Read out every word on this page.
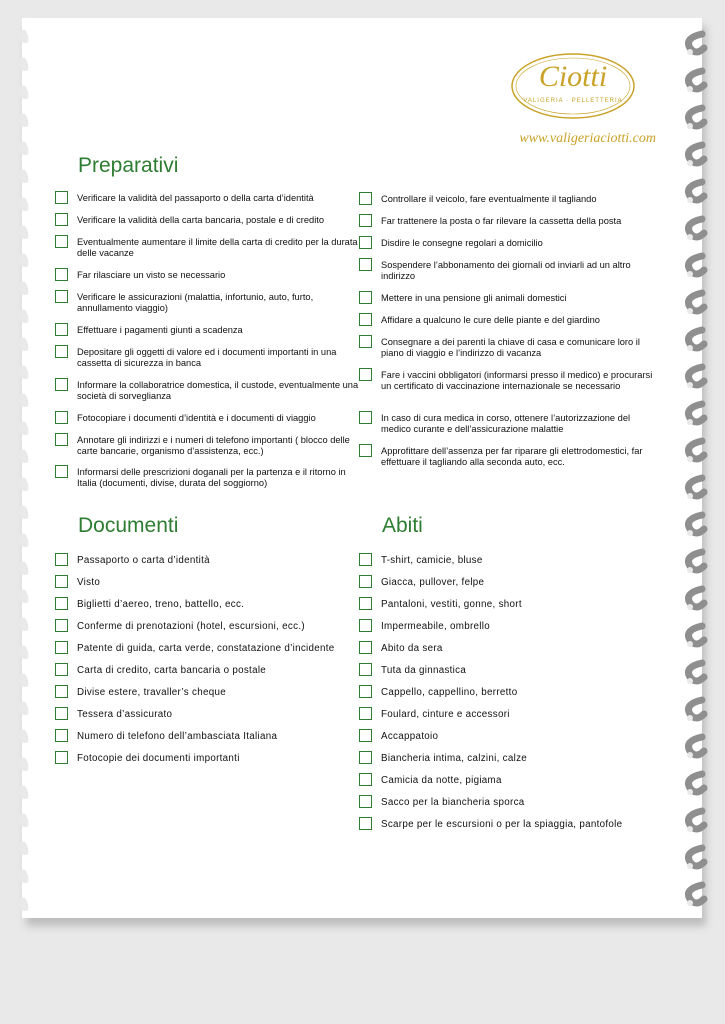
Ciotti
VALIGERIA · PELLETTERIA
www.valigeriaciotti.com
Preparativi
Verificare la validità del passaporto o della carta d’identità
Verificare la validità della carta bancaria, postale e di credito
Eventualmente aumentare il limite della carta di credito per la durata delle vacanze
Far rilasciare un visto se necessario
Verificare le assicurazioni (malattia, infortunio, auto, furto, annullamento viaggio)
Effettuare i pagamenti giunti a scadenza
Depositare gli oggetti di valore ed i documenti importanti in una cassetta di sicurezza in banca
Informare la collaboratrice domestica, il custode, eventualmente una società di sorveglianza
Fotocopiare i documenti d’identità e i documenti di viaggio
Annotare gli indirizzi e i numeri di telefono importanti ( blocco delle carte bancarie, organismo d’assistenza, ecc.)
Informarsi delle prescrizioni doganali per la partenza e il ritorno in Italia (documenti, divise, durata del soggiorno)
Controllare il veicolo, fare eventualmente il tagliando
Far trattenere la posta o far rilevare la cassetta della posta
Disdire le consegne regolari a domicilio
Sospendere l’abbonamento dei giornali od inviarli ad un altro indirizzo
Mettere in una pensione gli animali domestici
Affidare a qualcuno le cure delle piante e del giardino
Consegnare a dei parenti la chiave di casa e comunicare loro il piano di viaggio e l’indirizzo di vacanza
Fare i vaccini obbligatori (informarsi presso il medico) e procurarsi un certificato di vaccinazione internazionale se necessario
In caso di cura medica in corso, ottenere l’autorizzazione del medico curante e dell’assicurazione malattie
Approfittare dell’assenza per far riparare gli elettrodomestici, far effettuare il tagliando alla seconda auto, ecc.
Documenti
Passaporto o carta d’identità
Visto
Biglietti d’aereo, treno, battello, ecc.
Conferme di prenotazioni (hotel, escursioni, ecc.)
Patente di guida, carta verde, constatazione d’incidente
Carta di credito, carta bancaria o postale
Divise estere, travaller’s cheque
Tessera d’assicurato
Numero di telefono dell’ambasciata Italiana
Fotocopie dei documenti importanti
Abiti
T-shirt, camicie, bluse
Giacca, pullover, felpe
Pantaloni, vestiti, gonne, short
Impermeabile, ombrello
Abito da sera
Tuta da ginnastica
Cappello, cappellino, berretto
Foulard, cinture e accessori
Accappatoio
Biancheria intima, calzini, calze
Camicia da notte, pigiama
Sacco per la biancheria sporca
Scarpe per le escursioni o per la spiaggia, pantofole
